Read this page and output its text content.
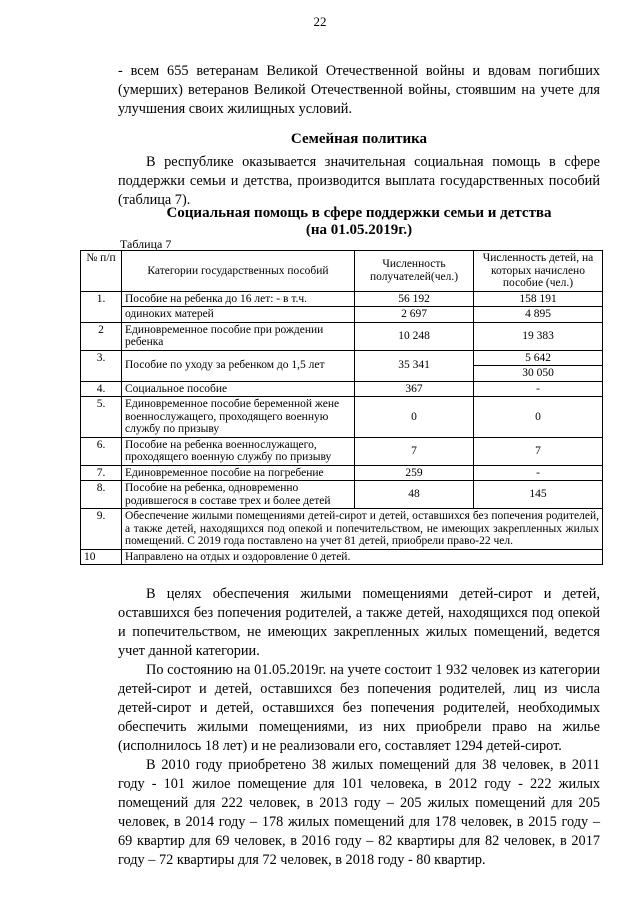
22

- всем 655 ветеранам Великой Отечественной войны и вдовам погибших (умерших) ветеранов Великой Отечественной войны, стоявшим на учете для улучшения своих жилищных условий.

Семейная политика

В республике оказывается значительная социальная помощь в сфере поддержки семьи и детства, производится выплата государственных пособий (таблица 7).

Социальная помощь в сфере поддержки семьи и детства

(на 01.05.2019г.)

Таблица 7
№ п/п	Категории государственных пособий	Численность получателей(чел.)	Численность детей, на которых начислено пособие (чел.)
1.	Пособие на ребенка до 16 лет: - в т.ч.	56 192	158 191
	одиноких матерей	2 697	4 895
2	Единовременное пособие при рождении ребенка	10 248	19 383
3.	Пособие по уходу за ребенком до 1,5 лет	35 341	5 642
			30 050
4.	Социальное пособие	367	-
5.	Единовременное пособие беременной жене военнослужащего, проходящего военную службу по призыву	0	0
6.	Пособие на ребенка военнослужащего, проходящего военную службу по призыву	7	7
7.	Единовременное пособие на погребение	259	-
8.	Пособие на ребенка, одновременно родившегося в составе трех и более детей	48	145
9.	Обеспечение жилыми помещениями детей-сирот и детей, оставшихся без попечения родителей, а также детей, находящихся под опекой и попечительством, не имеющих закрепленных жилых помещений. С 2019 года поставлено на учет 81 детей, приобрели право-22 чел.		
10	Направлено на отдых и оздоровление 0 детей.		

В целях обеспечения жилыми помещениями детей-сирот и детей, оставшихся без попечения родителей, а также детей, находящихся под опекой и попечительством, не имеющих закрепленных жилых помещений, ведется учет данной категории.

По состоянию на 01.05.2019г. на учете состоит 1 932 человек из категории детей-сирот и детей, оставшихся без попечения родителей, лиц из числа детей-сирот и детей, оставшихся без попечения родителей, необходимых обеспечить жилыми помещениями, из них приобрели право на жилье (исполнилось 18 лет) и не реализовали его, составляет 1294 детей-сирот.

В 2010 году приобретено 38 жилых помещений для 38 человек, в 2011 году - 101 жилое помещение для 101 человека, в 2012 году - 222 жилых помещений для 222 человек, в 2013 году – 205 жилых помещений для 205 человек, в 2014 году – 178 жилых помещений для 178 человек, в 2015 году – 69 квартир для 69 человек, в 2016 году – 82 квартиры для 82 человек, в 2017 году – 72 квартиры для 72 человек, в 2018 году - 80 квартир.
